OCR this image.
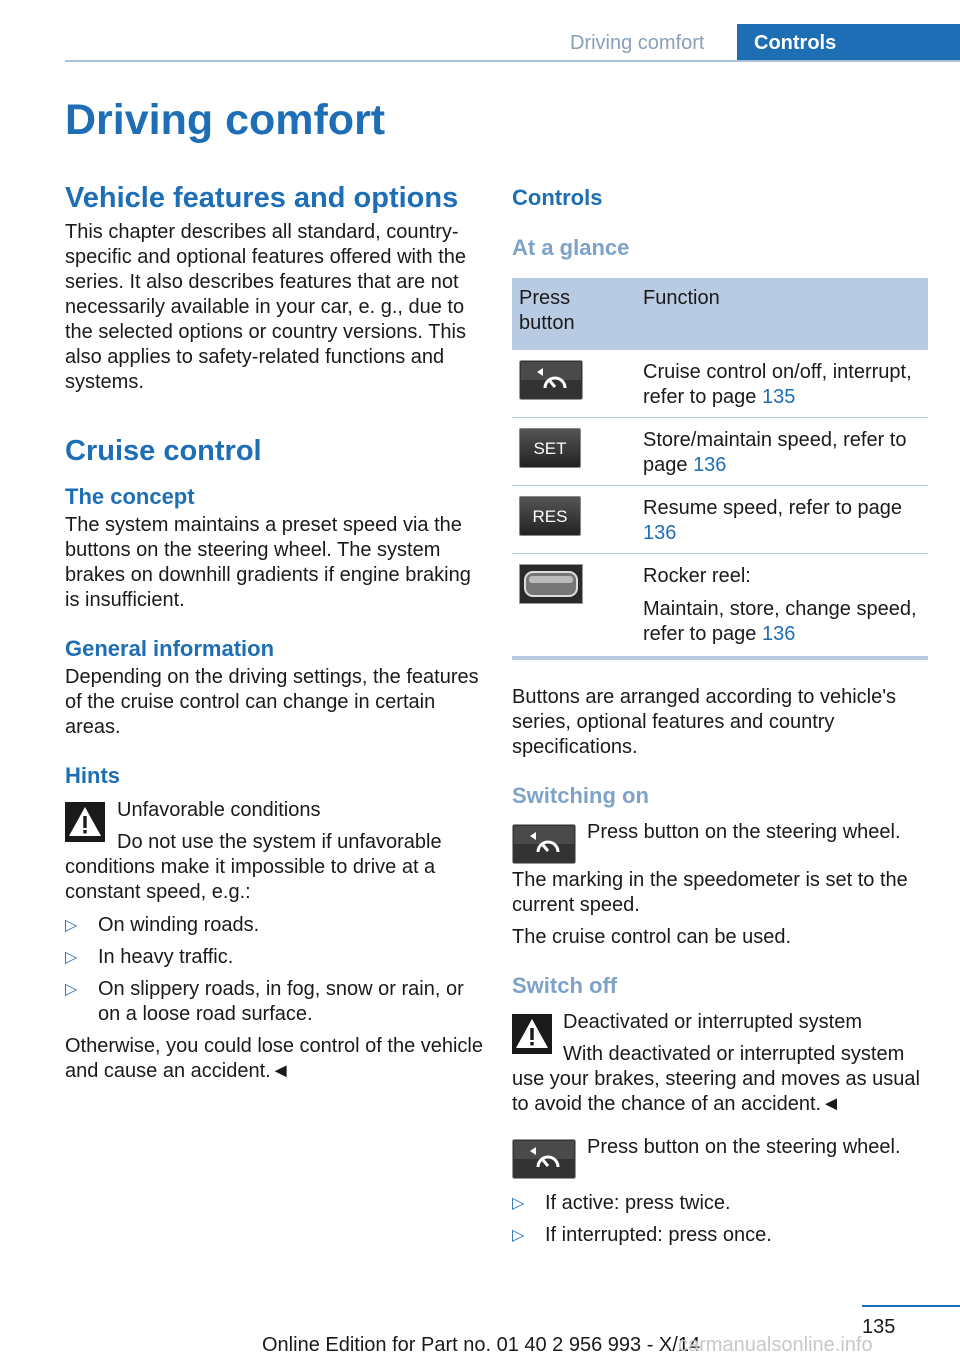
Driving comfort	Controls
Driving comfort
Vehicle features and options

This chapter describes all standard, country-specific and optional features offered with the series. It also describes features that are not necessarily available in your car, e. g., due to the selected options or country versions. This also applies to safety-related functions and systems.

Cruise control
The concept

The system maintains a preset speed via the buttons on the steering wheel. The system brakes on downhill gradients if engine braking is insufficient.

General information

Depending on the driving settings, the features of the cruise control can change in certain areas.

Hints

Unfavorable conditions

Do not use the system if unfavorable conditions make it impossible to drive at a constant speed, e.g.:

▷ On winding roads.
▷ In heavy traffic.
▷ On slippery roads, in fog, snow or rain, or on a loose road surface.

Otherwise, you could lose control of the vehicle and cause an accident.◄

Controls
At a glance
Press button	Function
	Cruise control on/off, interrupt, refer to page 135

SET	Store/maintain speed, refer to page 136

RES	Resume speed, refer to page 136

Rocker reel:
Maintain, store, change speed, refer to page 136

Buttons are arranged according to vehicle's series, optional features and country specifications.

Switching on

Press button on the steering wheel.

The marking in the speedometer is set to the current speed.

The cruise control can be used.

Switch off

Deactivated or interrupted system

With deactivated or interrupted system use your brakes, steering and moves as usual to avoid the chance of an accident.◄

Press button on the steering wheel.

▷ If active: press twice.
▷ If interrupted: press once.
135
Online Edition for Part no. 01 40 2 956 993 - X/14
carmanualsonline.info
